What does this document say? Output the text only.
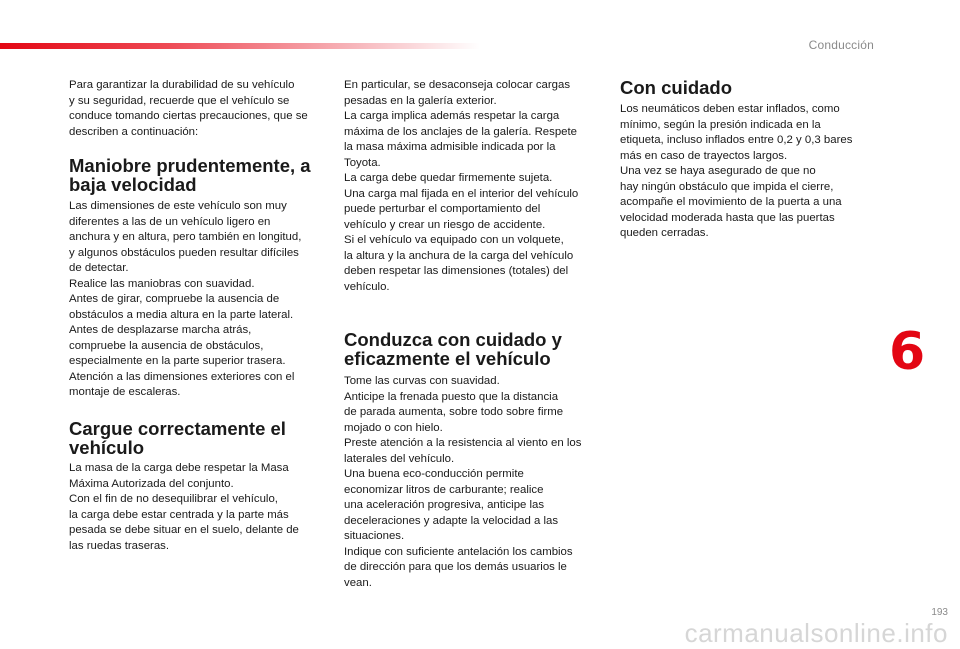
Conducción

Para garantizar la durabilidad de su vehículo
y su seguridad, recuerde que el vehículo se
conduce tomando ciertas precauciones, que se
describen a continuación:

Maniobre prudentemente, a
baja velocidad

Las dimensiones de este vehículo son muy
diferentes a las de un vehículo ligero en
anchura y en altura, pero también en longitud,
y algunos obstáculos pueden resultar difíciles
de detectar.
Realice las maniobras con suavidad.
Antes de girar, compruebe la ausencia de
obstáculos a media altura en la parte lateral.
Antes de desplazarse marcha atrás,
compruebe la ausencia de obstáculos,
especialmente en la parte superior trasera.
Atención a las dimensiones exteriores con el
montaje de escaleras.

Cargue correctamente el
vehículo

La masa de la carga debe respetar la Masa
Máxima Autorizada del conjunto.
Con el fin de no desequilibrar el vehículo,
la carga debe estar centrada y la parte más
pesada se debe situar en el suelo, delante de
las ruedas traseras.

En particular, se desaconseja colocar cargas
pesadas en la galería exterior.
La carga implica además respetar la carga
máxima de los anclajes de la galería. Respete
la masa máxima admisible indicada por la
Toyota.
La carga debe quedar firmemente sujeta.
Una carga mal fijada en el interior del vehículo
puede perturbar el comportamiento del
vehículo y crear un riesgo de accidente.
Si el vehículo va equipado con un volquete,
la altura y la anchura de la carga del vehículo
deben respetar las dimensiones (totales) del
vehículo.

Conduzca con cuidado y
eficazmente el vehículo

Tome las curvas con suavidad.
Anticipe la frenada puesto que la distancia
de parada aumenta, sobre todo sobre firme
mojado o con hielo.
Preste atención a la resistencia al viento en los
laterales del vehículo.
Una buena eco-conducción permite
economizar litros de carburante; realice
una aceleración progresiva, anticipe las
deceleraciones y adapte la velocidad a las
situaciones.
Indique con suficiente antelación los cambios
de dirección para que los demás usuarios le
vean.

Con cuidado

Los neumáticos deben estar inflados, como
mínimo, según la presión indicada en la
etiqueta, incluso inflados entre 0,2 y 0,3 bares
más en caso de trayectos largos.
Una vez se haya asegurado de que no
hay ningún obstáculo que impida el cierre,
acompañe el movimiento de la puerta a una
velocidad moderada hasta que las puertas
queden cerradas.

6
193
carmanualsonline.info
